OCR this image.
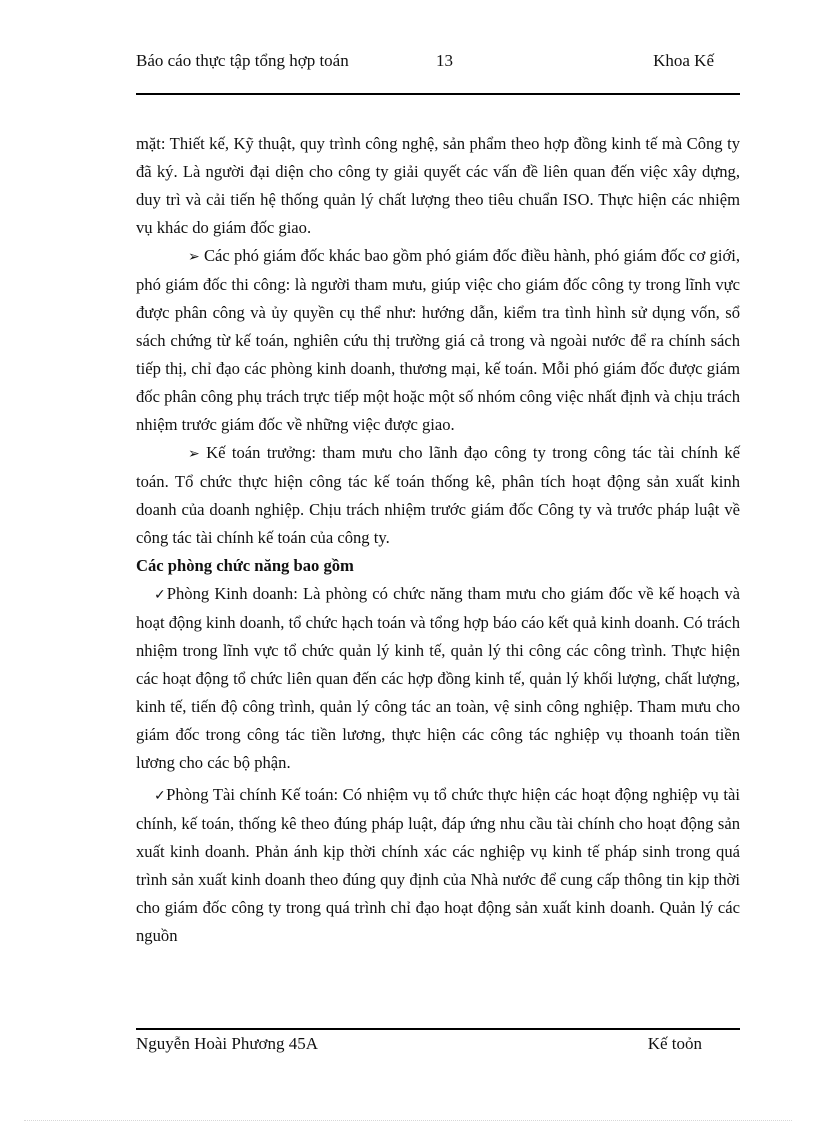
Báo cáo thực tập tổng hợp toán	13	Khoa Kế

mặt: Thiết kế, Kỹ thuật, quy trình công nghệ, sản phẩm theo hợp đồng kinh tế mà Công ty đã ký. Là người đại diện cho công ty giải quyết các vấn đề liên quan đến việc xây dựng, duy trì và cải tiến hệ thống quản lý chất lượng theo tiêu chuẩn ISO. Thực hiện các nhiệm vụ khác do giám đốc giao.

➢ Các phó giám đốc khác bao gồm phó giám đốc điều hành, phó giám đốc cơ giới, phó giám đốc thi công: là người tham mưu, giúp việc cho giám đốc công ty trong lĩnh vực được phân công và ủy quyền cụ thể như: hướng dẫn, kiểm tra tình hình sử dụng vốn, sổ sách chứng từ kế toán, nghiên cứu thị trường giá cả trong và ngoài nước để ra chính sách tiếp thị, chỉ đạo các phòng kinh doanh, thương mại, kế toán. Mỗi phó giám đốc được giám đốc phân công phụ trách trực tiếp một hoặc một số nhóm công việc nhất định và chịu trách nhiệm trước giám đốc về những việc được giao.

➢ Kế toán trưởng: tham mưu cho lãnh đạo công ty trong công tác tài chính kế toán. Tổ chức thực hiện công tác kế toán thống kê, phân tích hoạt động sản xuất kinh doanh của doanh nghiệp. Chịu trách nhiệm trước giám đốc Công ty và trước pháp luật về công tác tài chính kế toán của công ty.

Các phòng chức năng bao gồm

✓Phòng Kinh doanh: Là phòng có chức năng tham mưu cho giám đốc về kế hoạch và hoạt động kinh doanh, tổ chức hạch toán và tổng hợp báo cáo kết quả kinh doanh. Có trách nhiệm trong lĩnh vực tổ chức quản lý kinh tế, quản lý thi công các công trình. Thực hiện các hoạt động tổ chức liên quan đến các hợp đồng kinh tế, quản lý khối lượng, chất lượng, kinh tế, tiến độ công trình, quản lý công tác an toàn, vệ sinh công nghiệp. Tham mưu cho giám đốc trong công tác tiền lương, thực hiện các công tác nghiệp vụ thoanh toán tiền lương cho các bộ phận.

✓Phòng Tài chính Kế toán: Có nhiệm vụ tổ chức thực hiện các hoạt động nghiệp vụ tài chính, kế toán, thống kê theo đúng pháp luật, đáp ứng nhu cầu tài chính cho hoạt động sản xuất kinh doanh. Phản ánh kịp thời chính xác các nghiệp vụ kinh tế pháp sinh trong quá trình sản xuất kinh doanh theo đúng quy định của Nhà nước để cung cấp thông tin kịp thời cho giám đốc công ty trong quá trình chỉ đạo hoạt động sản xuất kinh doanh. Quản lý các nguồn

Nguyễn Hoài Phương 45A	Kế toỏn
